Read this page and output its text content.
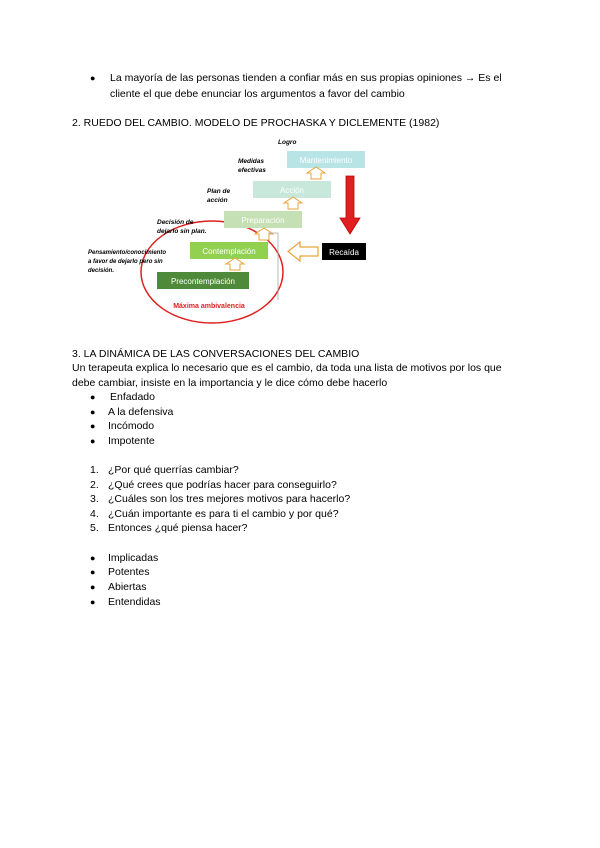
● La mayoría de las personas tienden a confiar más en sus propias opiniones → Es el
cliente el que debe enunciar los argumentos a favor del cambio
2. RUEDO DEL CAMBIO. MODELO DE PROCHASKA Y DICLEMENTE (1982)
Precontemplación
Contemplación
Preparación
Acción
Mantenimiento
Recaída
Logro
Medidas
efectivas
Plan de
acción
Decisión de
dejarlo sin plan.
Pensamiento/conocimiento
a favor de dejarlo pero sin
decisión.
Máxima ambivalencia
3. LA DINÁMICA DE LAS CONVERSACIONES DEL CAMBIO
Un terapeuta explica lo necesario que es el cambio, da toda una lista de motivos por los que
debe cambiar, insiste en la importancia y le dice cómo debe hacerlo
● Enfadado
● A la defensiva
● Incómodo
● Impotente
1. ¿Por qué querrías cambiar?
2. ¿Qué crees que podrías hacer para conseguirlo?
3. ¿Cuáles son los tres mejores motivos para hacerlo?
4. ¿Cuán importante es para ti el cambio y por qué?
5. Entonces ¿qué piensa hacer?
● Implicadas
● Potentes
● Abiertas
● Entendidas
